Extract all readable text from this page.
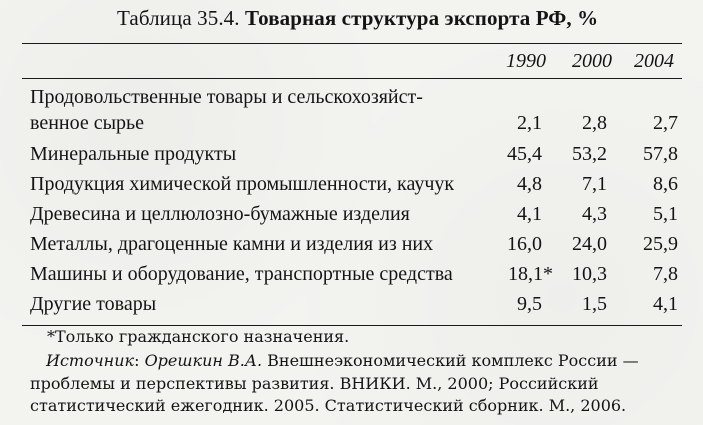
Таблица 35.4. Товарная структура экспорта РФ, %
1990 2000 2004
Продовольственные товары и сельскохозяйст-
венное сырье	2,1 2,8 2,7
Минеральные продукты	45,4 53,2 57,8
Продукция химической промышленности, каучук	4,8 7,1 8,6
Древесина и целлюлозно-бумажные изделия	4,1 4,3 5,1
Металлы, драгоценные камни и изделия из них	16,0 24,0 25,9
Машины и оборудование, транспортные средства	18,1* 10,3 7,8
Другие товары	9,5 1,5 4,1
*Только гражданского назначения.
Источник: Орешкин В.А. Внешнеэкономический комплекс России — проблемы и перспективы развития. ВНИКИ. М., 2000; Российский статистический ежегодник. 2005. Статистический сборник. М., 2006.
